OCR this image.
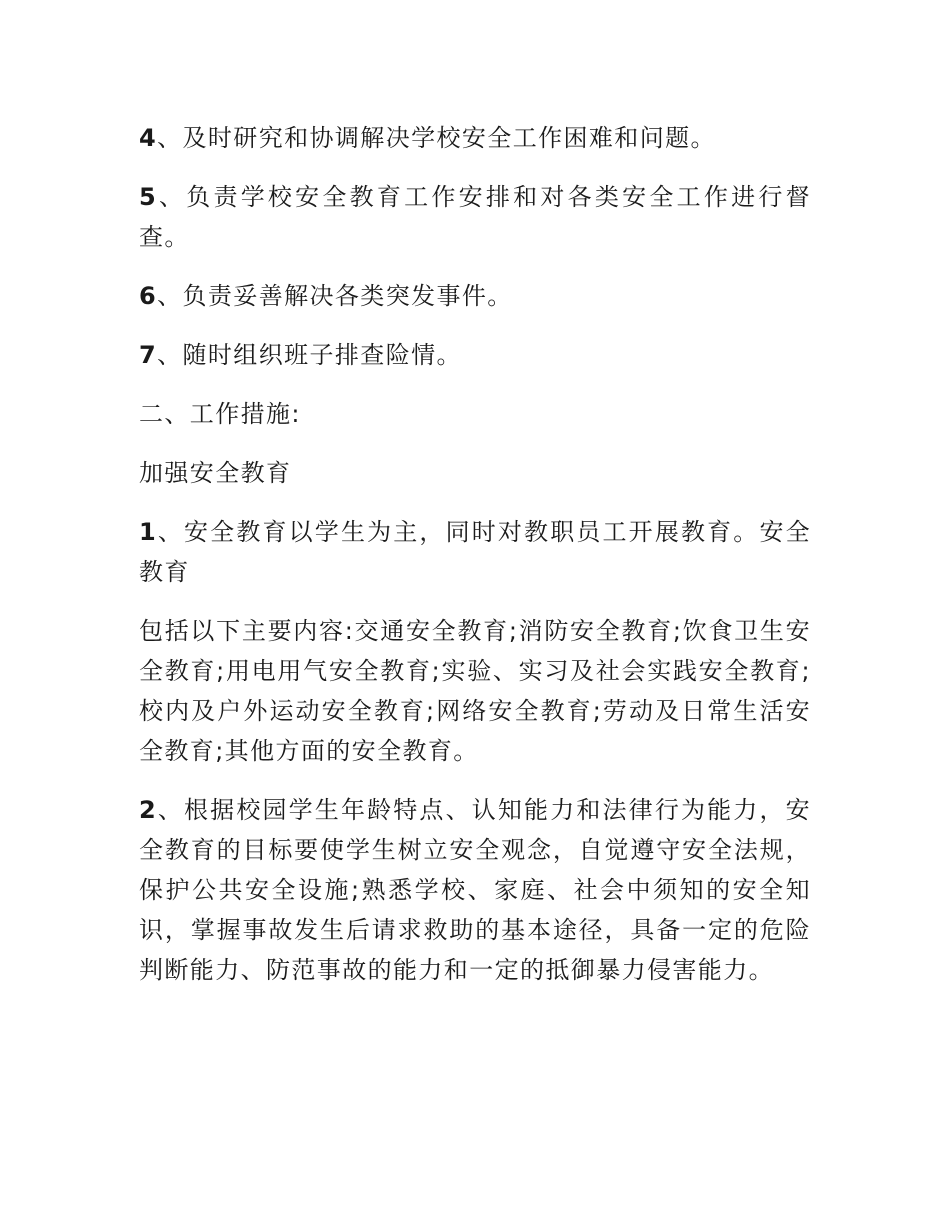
4、及时研究和协调解决学校安全工作困难和问题。

5、负责学校安全教育工作安排和对各类安全工作进行督查。

6、负责妥善解决各类突发事件。

7、随时组织班子排查险情。

二、工作措施:

加强安全教育

1、安全教育以学生为主，同时对教职员工开展教育。安全教育

包括以下主要内容:交通安全教育;消防安全教育;饮食卫生安全教育;用电用气安全教育;实验、实习及社会实践安全教育;校内及户外运动安全教育;网络安全教育;劳动及日常生活安全教育;其他方面的安全教育。

2、根据校园学生年龄特点、认知能力和法律行为能力，安全教育的目标要使学生树立安全观念，自觉遵守安全法规，保护公共安全设施;熟悉学校、家庭、社会中须知的安全知识，掌握事故发生后请求救助的基本途径，具备一定的危险判断能力、防范事故的能力和一定的抵御暴力侵害能力。
